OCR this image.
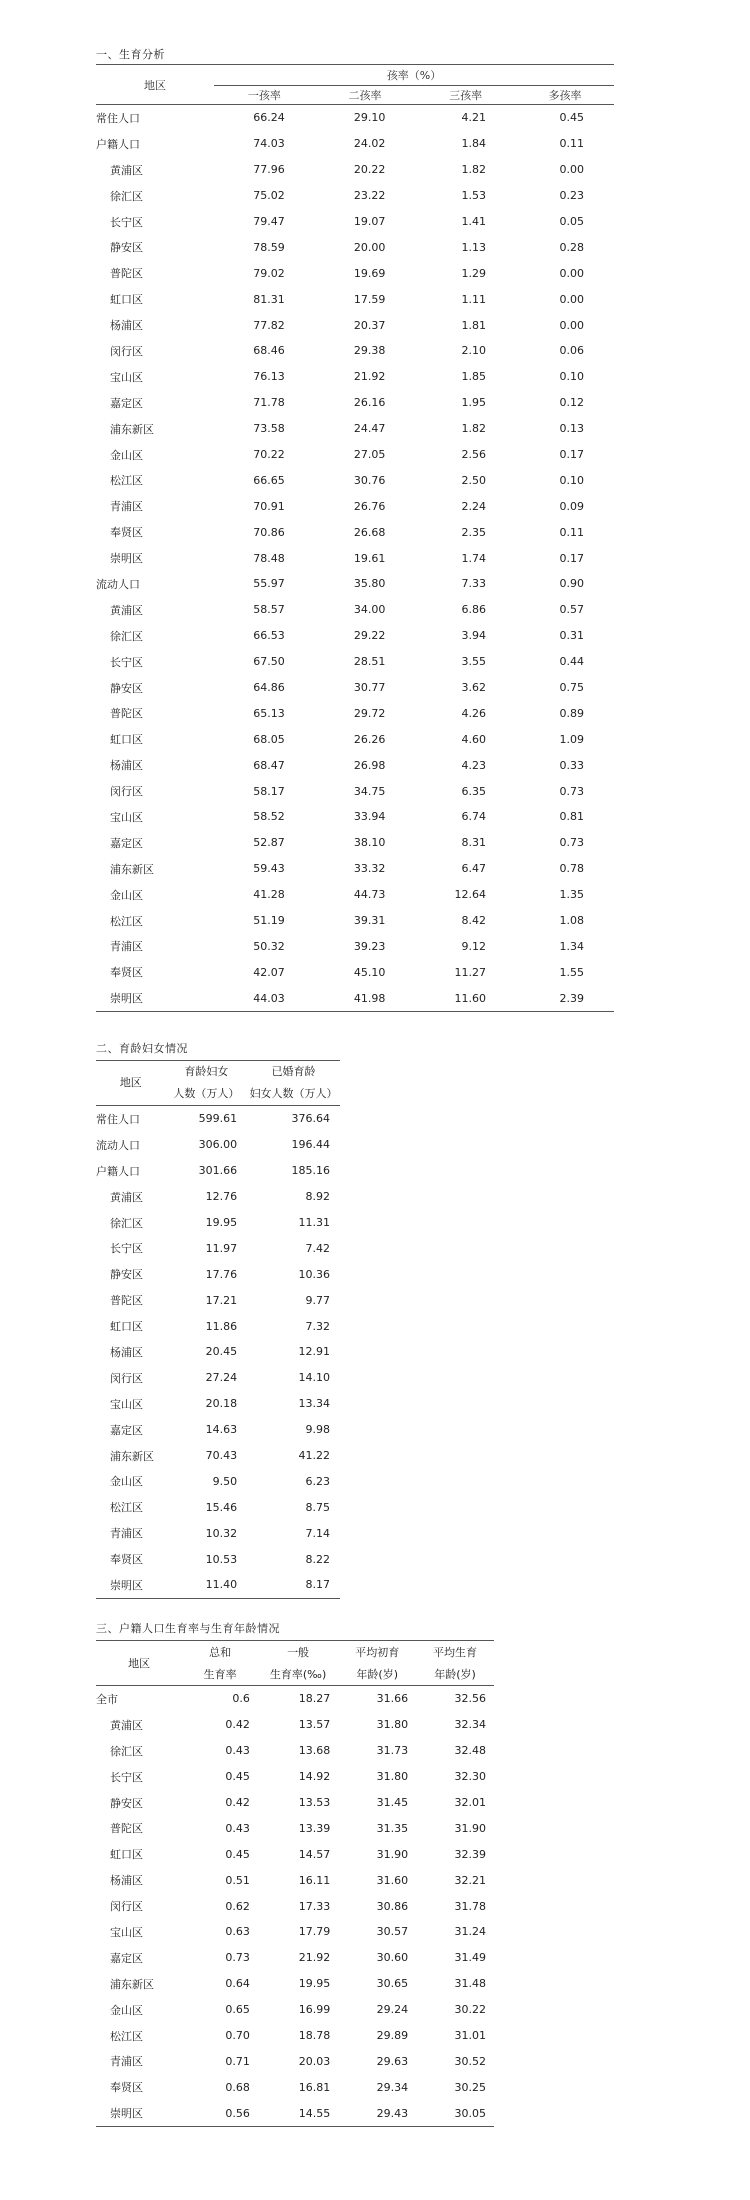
一、生育分析
地区	孩率（%）			
	一孩率	二孩率	三孩率	多孩率
常住人口	66.24	29.10	4.21	0.45
户籍人口	74.03	24.02	1.84	0.11
黄浦区	77.96	20.22	1.82	0.00
徐汇区	75.02	23.22	1.53	0.23
长宁区	79.47	19.07	1.41	0.05
静安区	78.59	20.00	1.13	0.28
普陀区	79.02	19.69	1.29	0.00
虹口区	81.31	17.59	1.11	0.00
杨浦区	77.82	20.37	1.81	0.00
闵行区	68.46	29.38	2.10	0.06
宝山区	76.13	21.92	1.85	0.10
嘉定区	71.78	26.16	1.95	0.12
浦东新区	73.58	24.47	1.82	0.13
金山区	70.22	27.05	2.56	0.17
松江区	66.65	30.76	2.50	0.10
青浦区	70.91	26.76	2.24	0.09
奉贤区	70.86	26.68	2.35	0.11
崇明区	78.48	19.61	1.74	0.17
流动人口	55.97	35.80	7.33	0.90
黄浦区	58.57	34.00	6.86	0.57
徐汇区	66.53	29.22	3.94	0.31
长宁区	67.50	28.51	3.55	0.44
静安区	64.86	30.77	3.62	0.75
普陀区	65.13	29.72	4.26	0.89
虹口区	68.05	26.26	4.60	1.09
杨浦区	68.47	26.98	4.23	0.33
闵行区	58.17	34.75	6.35	0.73
宝山区	58.52	33.94	6.74	0.81
嘉定区	52.87	38.10	8.31	0.73
浦东新区	59.43	33.32	6.47	0.78
金山区	41.28	44.73	12.64	1.35
松江区	51.19	39.31	8.42	1.08
青浦区	50.32	39.23	9.12	1.34
奉贤区	42.07	45.10	11.27	1.55
崇明区	44.03	41.98	11.60	2.39
二、育龄妇女情况
地区	育龄妇女	已婚育龄
	人数（万人）	妇女人数（万人）
常住人口	599.61	376.64
流动人口	306.00	196.44
户籍人口	301.66	185.16
黄浦区	12.76	8.92
徐汇区	19.95	11.31
长宁区	11.97	7.42
静安区	17.76	10.36
普陀区	17.21	9.77
虹口区	11.86	7.32
杨浦区	20.45	12.91
闵行区	27.24	14.10
宝山区	20.18	13.34
嘉定区	14.63	9.98
浦东新区	70.43	41.22
金山区	9.50	6.23
松江区	15.46	8.75
青浦区	10.32	7.14
奉贤区	10.53	8.22
崇明区	11.40	8.17
三、户籍人口生育率与生育年龄情况
地区	总和	一般	平均初育	平均生育
	生育率	生育率(‰)	年龄(岁)	年龄(岁)
全市	0.6	18.27	31.66	32.56
黄浦区	0.42	13.57	31.80	32.34
徐汇区	0.43	13.68	31.73	32.48
长宁区	0.45	14.92	31.80	32.30
静安区	0.42	13.53	31.45	32.01
普陀区	0.43	13.39	31.35	31.90
虹口区	0.45	14.57	31.90	32.39
杨浦区	0.51	16.11	31.60	32.21
闵行区	0.62	17.33	30.86	31.78
宝山区	0.63	17.79	30.57	31.24
嘉定区	0.73	21.92	30.60	31.49
浦东新区	0.64	19.95	30.65	31.48
金山区	0.65	16.99	29.24	30.22
松江区	0.70	18.78	29.89	31.01
青浦区	0.71	20.03	29.63	30.52
奉贤区	0.68	16.81	29.34	30.25
崇明区	0.56	14.55	29.43	30.05
